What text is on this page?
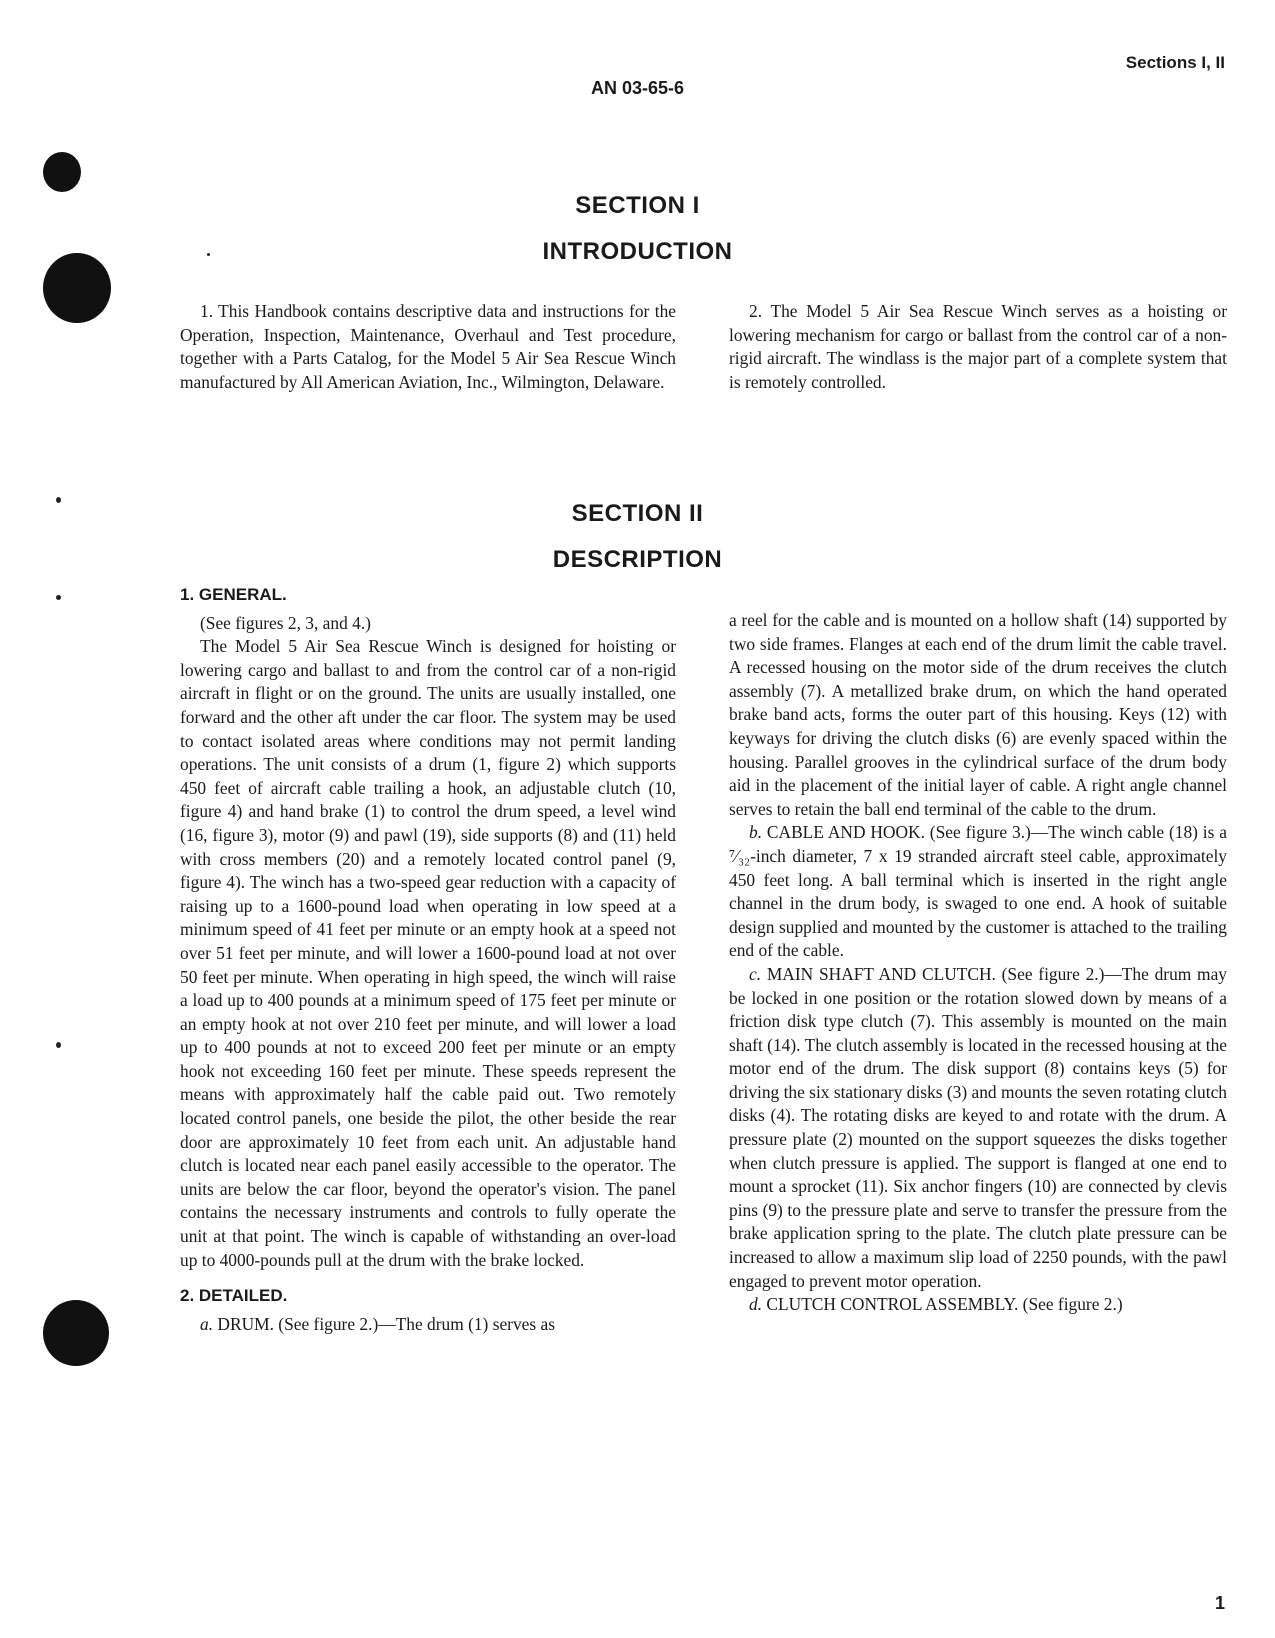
Sections I, II
AN 03-65-6
SECTION I
INTRODUCTION

1. This Handbook contains descriptive data and instructions for the Operation, Inspection, Maintenance, Overhaul and Test procedure, together with a Parts Catalog, for the Model 5 Air Sea Rescue Winch manufactured by All American Aviation, Inc., Wilmington, Delaware.

2. The Model 5 Air Sea Rescue Winch serves as a hoisting or lowering mechanism for cargo or ballast from the control car of a non-rigid aircraft. The windlass is the major part of a complete system that is remotely controlled.

SECTION II
DESCRIPTION

1. GENERAL.

(See figures 2, 3, and 4.)

The Model 5 Air Sea Rescue Winch is designed for hoisting or lowering cargo and ballast to and from the control car of a non-rigid aircraft in flight or on the ground. The units are usually installed, one forward and the other aft under the car floor. The system may be used to contact isolated areas where conditions may not permit landing operations. The unit consists of a drum (1, figure 2) which supports 450 feet of aircraft cable trailing a hook, an adjustable clutch (10, figure 4) and hand brake (1) to control the drum speed, a level wind (16, figure 3), motor (9) and pawl (19), side supports (8) and (11) held with cross members (20) and a remotely located control panel (9, figure 4). The winch has a two-speed gear reduction with a capacity of raising up to a 1600-pound load when operating in low speed at a minimum speed of 41 feet per minute or an empty hook at a speed not over 51 feet per minute, and will lower a 1600-pound load at not over 50 feet per minute. When operating in high speed, the winch will raise a load up to 400 pounds at a minimum speed of 175 feet per minute or an empty hook at not over 210 feet per minute, and will lower a load up to 400 pounds at not to exceed 200 feet per minute or an empty hook not exceeding 160 feet per minute. These speeds represent the means with approximately half the cable paid out. Two remotely located control panels, one beside the pilot, the other beside the rear door are approximately 10 feet from each unit. An adjustable hand clutch is located near each panel easily accessible to the operator. The units are below the car floor, beyond the operator's vision. The panel contains the necessary instruments and controls to fully operate the unit at that point. The winch is capable of withstanding an over-load up to 4000-pounds pull at the drum with the brake locked.

2. DETAILED.

a. DRUM. (See figure 2.)—The drum (1) serves as

a reel for the cable and is mounted on a hollow shaft (14) supported by two side frames. Flanges at each end of the drum limit the cable travel. A recessed housing on the motor side of the drum receives the clutch assembly (7). A metallized brake drum, on which the hand operated brake band acts, forms the outer part of this housing. Keys (12) with keyways for driving the clutch disks (6) are evenly spaced within the housing. Parallel grooves in the cylindrical surface of the drum body aid in the placement of the initial layer of cable. A right angle channel serves to retain the ball end terminal of the cable to the drum.

b. CABLE AND HOOK. (See figure 3.)—The winch cable (18) is a ⁷⁄₃₂-inch diameter, 7 x 19 stranded aircraft steel cable, approximately 450 feet long. A ball terminal which is inserted in the right angle channel in the drum body, is swaged to one end. A hook of suitable design supplied and mounted by the customer is attached to the trailing end of the cable.

c. MAIN SHAFT AND CLUTCH. (See figure 2.)—The drum may be locked in one position or the rotation slowed down by means of a friction disk type clutch (7). This assembly is mounted on the main shaft (14). The clutch assembly is located in the recessed housing at the motor end of the drum. The disk support (8) contains keys (5) for driving the six stationary disks (3) and mounts the seven rotating clutch disks (4). The rotating disks are keyed to and rotate with the drum. A pressure plate (2) mounted on the support squeezes the disks together when clutch pressure is applied. The support is flanged at one end to mount a sprocket (11). Six anchor fingers (10) are connected by clevis pins (9) to the pressure plate and serve to transfer the pressure from the brake application spring to the plate. The clutch plate pressure can be increased to allow a maximum slip load of 2250 pounds, with the pawl engaged to prevent motor operation.

d. CLUTCH CONTROL ASSEMBLY. (See figure 2.)

1
